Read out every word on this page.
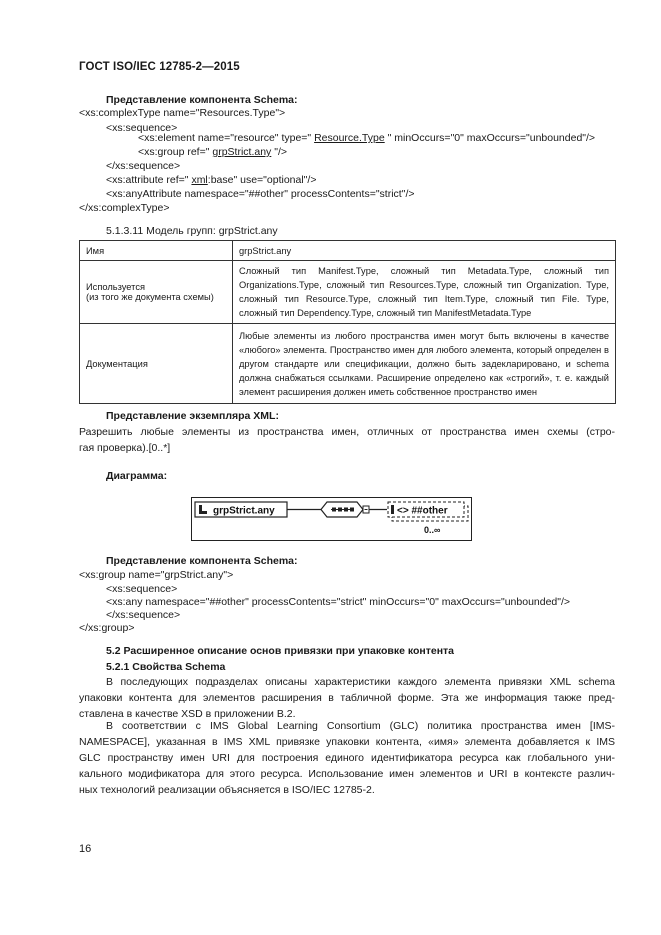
ГОСТ ISO/IEC 12785-2—2015
Представление компонента Schema:
<xs:complexType name="Resources.Type">
<xs:sequence>
<xs:element name="resource" type=" Resource.Type " minOccurs="0" maxOccurs="unbounded"/>
<xs:group ref=" grpStrict.any "/>
</xs:sequence>
<xs:attribute ref=" xml:base" use="optional"/>
<xs:anyAttribute namespace="##other" processContents="strict"/>
</xs:complexType>
5.1.3.11 Модель групп: grpStrict.any
Имя	grpStrict.any

Используется
(из того же документа схемы)	Сложный тип Manifest.Type, сложный тип Metadata.Type, сложный тип Organizations.Type, сложный тип Resources.Type, сложный тип Organization. Type, сложный тип Resource.Type, сложный тип Item.Type, сложный тип File. Type, сложный тип Dependency.Type, сложный тип ManifestMetadata.Type
Документация	Любые элементы из любого пространства имен могут быть включены в качестве «любого» элемента. Пространство имен для любого элемента, который определен в другом стандарте или спецификации, должно быть задекларировано, и schema должна снабжаться ссылками. Расширение определено как «строгий», т. е. каждый элемент расширения должен иметь собственное пространство имен
Представление экземпляра XML:
Разрешить любые элементы из пространства имен, отличных от пространства имен схемы (стро-
гая проверка).[0..*]
Диаграмма:
grpStrict.any	<> ##other
0..∞
Представление компонента Schema:
<xs:group name="grpStrict.any">
<xs:sequence>
<xs:any namespace="##other" processContents="strict" minOccurs="0" maxOccurs="unbounded"/>
</xs:sequence>
</xs:group>
5.2 Расширенное описание основ привязки при упаковке контента
5.2.1 Свойства Schema
В последующих подразделах описаны характеристики каждого элемента привязки XML schema
упаковки контента для элементов расширения в табличной форме. Эта же информация также пред-
ставлена в качестве XSD в приложении В.2.
В соответствии с IMS Global Learning Consortium (GLC) политика пространства имен [IMS-
NAMESPACE], указанная в IMS XML привязке упаковки контента, «имя» элемента добавляется к IMS
GLC пространству имен URI для построения единого идентификатора ресурса как глобального уни-
кального модификатора для этого ресурса. Использование имен элементов и URI в контексте различ-
ных технологий реализации объясняется в ISO/IEC 12785-2.
16
